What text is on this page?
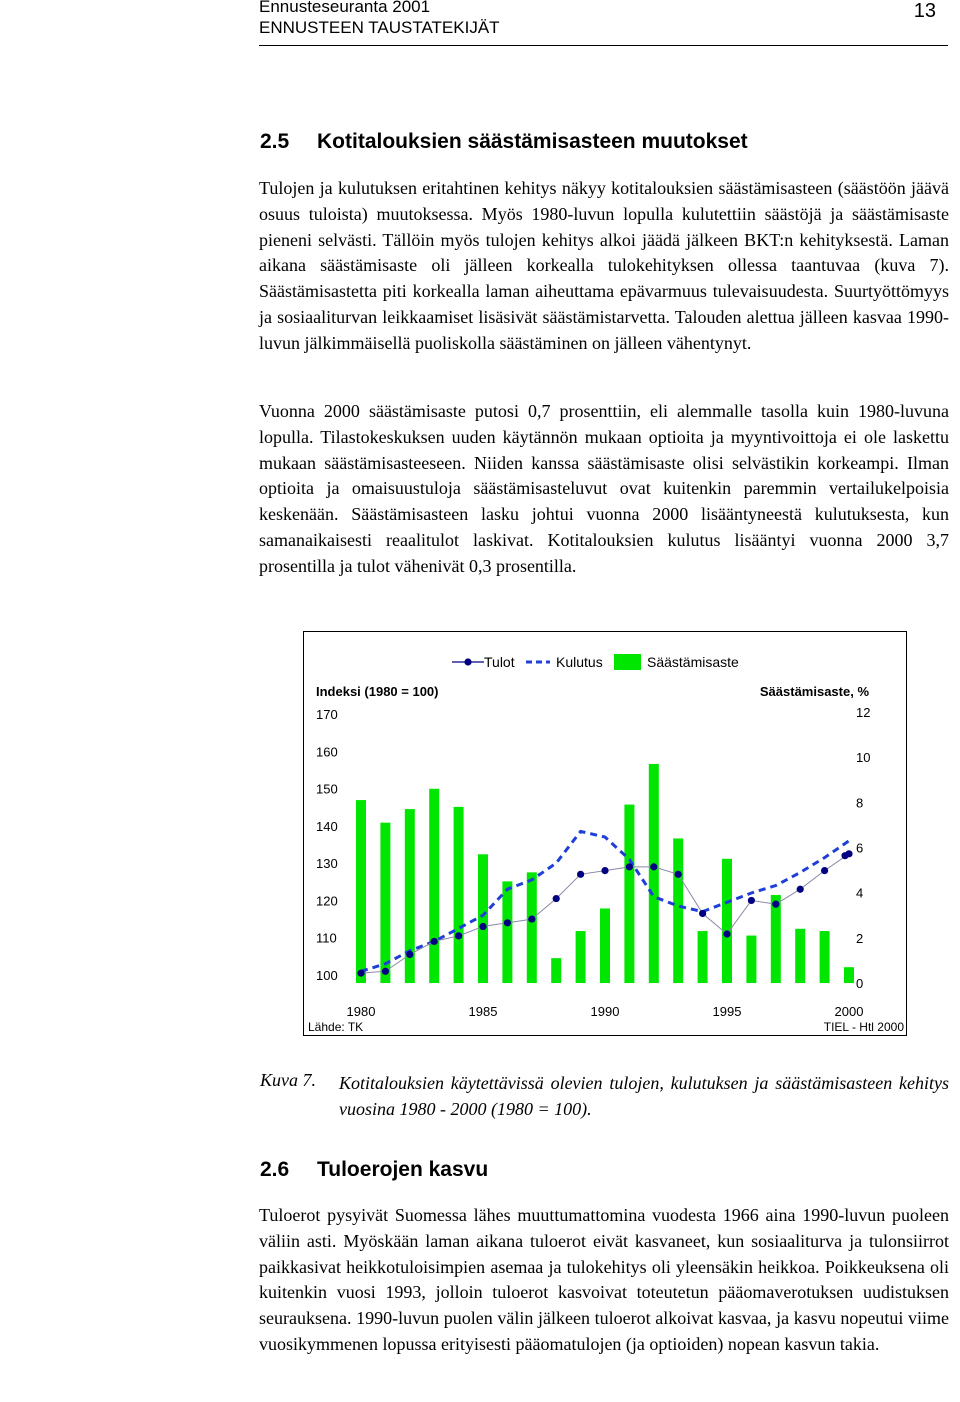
Ennusteseuranta 2001
ENNUSTEEN TAUSTATEKIJÄT
13
2.5 Kotitalouksien säästämisasteen muutokset

Tulojen ja kulutuksen eritahtinen kehitys näkyy kotitalouksien säästämisasteen (säästöön jäävä osuus tuloista) muutoksessa. Myös 1980-luvun lopulla kulutettiin säästöjä ja säästämisaste pieneni selvästi. Tällöin myös tulojen kehitys alkoi jäädä jälkeen BKT:n kehityksestä. Laman aikana säästämisaste oli jälleen korkealla tulokehityksen ollessa taantuvaa (kuva 7). Säästämisastetta piti korkealla laman aiheuttama epävarmuus tulevaisuudesta. Suurtyöttömyys ja sosiaaliturvan leikkaamiset lisäsivät säästämistarvetta. Talouden alettua jälleen kasvaa 1990-luvun jälkimmäisellä puoliskolla säästäminen on jälleen vähentynyt.

Vuonna 2000 säästämisaste putosi 0,7 prosenttiin, eli alemmalle tasolla kuin 1980-luvuna lopulla. Tilastokeskuksen uuden käytännön mukaan optioita ja myyntivoittoja ei ole laskettu mukaan säästämisasteeseen. Niiden kanssa säästämisaste olisi selvästikin korkeampi. Ilman optioita ja omaisuustuloja säästämisasteluvut ovat kuitenkin paremmin vertailukelpoisia keskenään. Säästämisasteen lasku johtui vuonna 2000 lisääntyneestä kulutuksesta, kun samanaikaisesti reaalitulot laskivat. Kotitalouksien kulutus lisääntyi vuonna 2000 3,7 prosentilla ja tulot vähenivät 0,3 prosentilla.

Tulot	Kulutus	Säästämisaste
Indeksi (1980 = 100)	Säästämisaste, %
100
110
120
130
140
150
160
170
0
2
4
6
8
10
12
1980	1985	1990	1995	2000
Lähde: TK	TIEL - Htl 2000
Kuva 7. Kotitalouksien käytettävissä olevien tulojen, kulutuksen ja säästämisasteen kehitys vuosina 1980 - 2000 (1980 = 100).

2.6 Tuloerojen kasvu

Tuloerot pysyivät Suomessa lähes muuttumattomina vuodesta 1966 aina 1990-luvun puoleen väliin asti. Myöskään laman aikana tuloerot eivät kasvaneet, kun sosiaaliturva ja tulonsiirrot paikkasivat heikkotuloisimpien asemaa ja tulokehitys oli yleensäkin heikkoa. Poikkeuksena oli kuitenkin vuosi 1993, jolloin tuloerot kasvoivat toteutetun pääomaverotuksen uudistuksen seurauksena. 1990-luvun puolen välin jälkeen tuloerot alkoivat kasvaa, ja kasvu nopeutui viime vuosikymmenen lopussa erityisesti pääomatulojen (ja optioiden) nopean kasvun takia.
